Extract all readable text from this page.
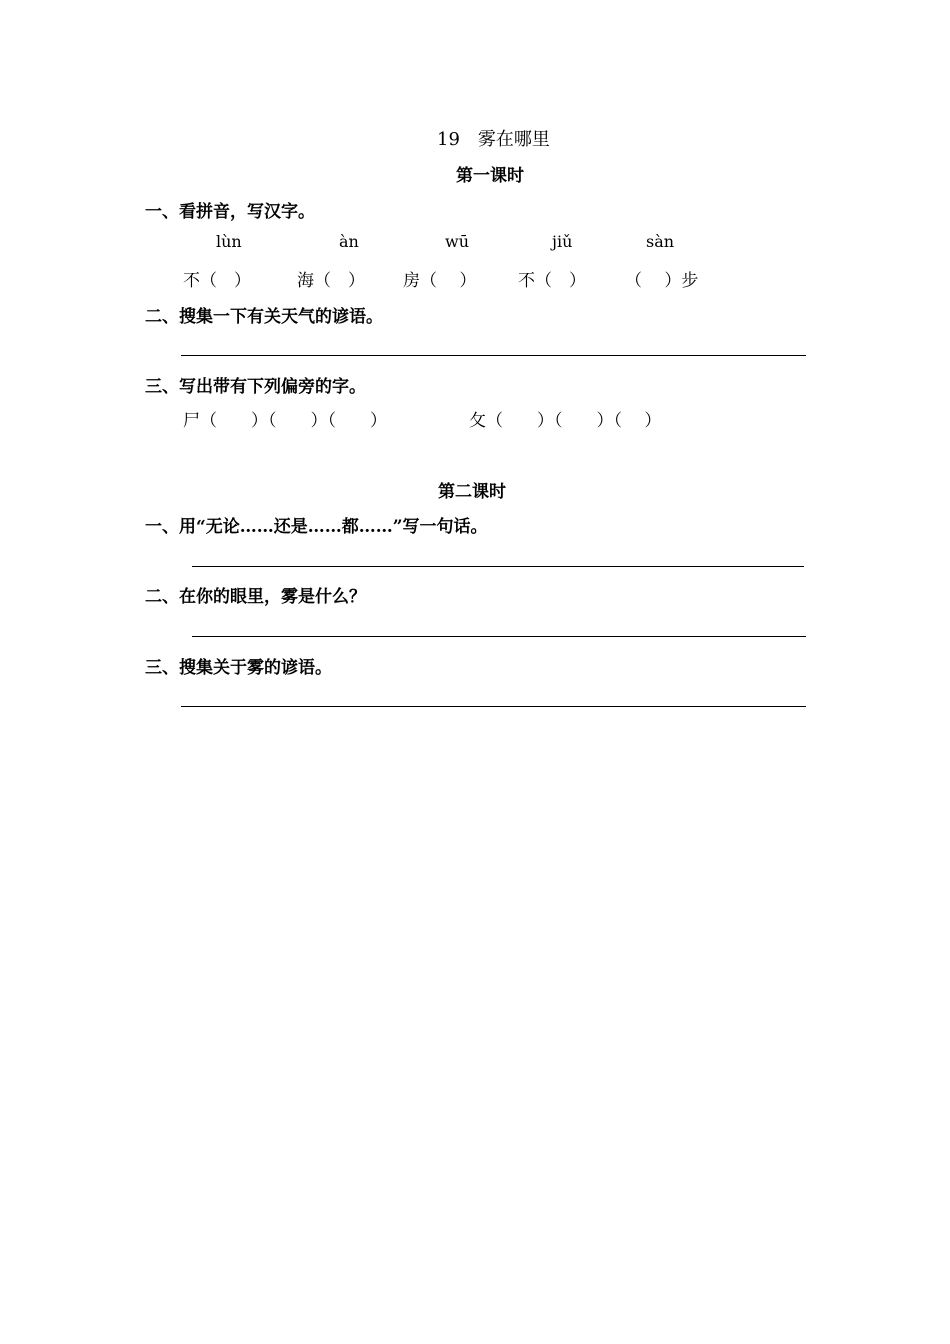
19　雾在哪里
第一课时
一、看拼音，写汉字。
lùn	àn	wū	jiǔ	sàn
不（　）	海（　） 房（　 ） 不（　） （　 ）步
二、搜集一下有关天气的谚语。
三、写出带有下列偏旁的字。
尸（　　）（　　）（　　）	攵（　　）（　　）（　 ）
第二课时
一、用“无论……还是……都……”写一句话。
二、在你的眼里，雾是什么？
三、搜集关于雾的谚语。
